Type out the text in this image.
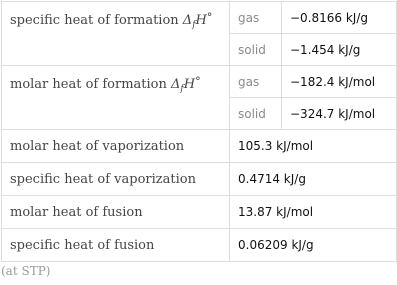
specific heat of formation $\Delta_fH^\circ$	gas	−0.8166 kJ/g
	solid	−1.454 kJ/g
molar heat of formation $\Delta_fH^\circ$	gas	−182.4 kJ/mol
	solid	−324.7 kJ/mol
molar heat of vaporization	105.3 kJ/mol	
specific heat of vaporization	0.4714 kJ/g	
molar heat of fusion	13.87 kJ/mol	
specific heat of fusion	0.06209 kJ/g	
(at STP)
